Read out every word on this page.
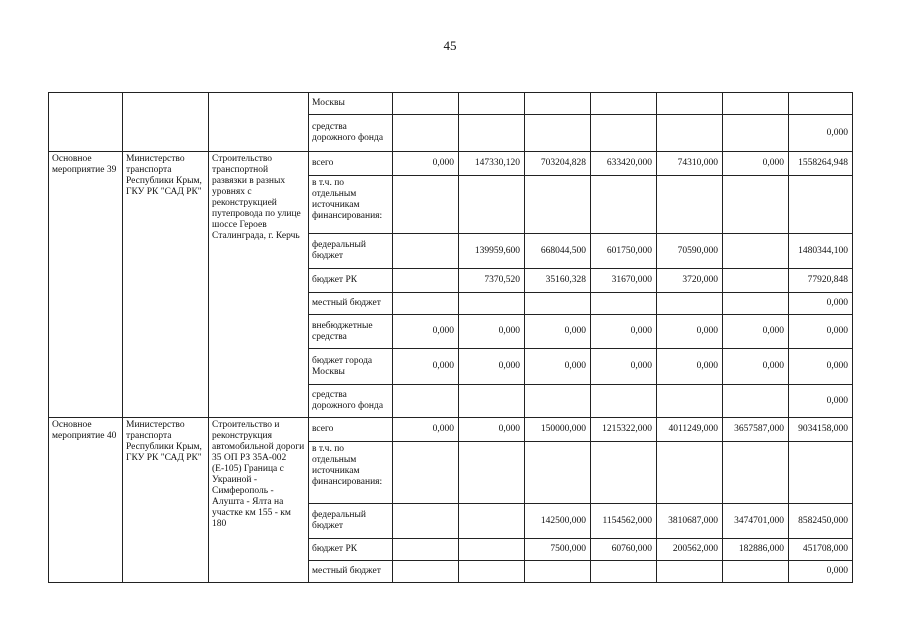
45
			Москвы							
			средства дорожного фонда							0,000
Основное мероприятие 39	Министерство транспорта Республики Крым, ГКУ РК "САД РК"	Строительство транспортной развязки в разных уровнях с реконструкцией путепровода по улице шоссе Героев Сталинграда, г. Керчь	всего	0,000	147330,120	703204,828	633420,000	74310,000	0,000	1558264,948
			в т.ч. по отдельным источникам финансирования:							
			федеральный бюджет		139959,600	668044,500	601750,000	70590,000		1480344,100
			бюджет РК		7370,520	35160,328	31670,000	3720,000		77920,848
			местный бюджет							0,000
			внебюджетные средства	0,000	0,000	0,000	0,000	0,000	0,000	0,000
			бюджет города Москвы	0,000	0,000	0,000	0,000	0,000	0,000	0,000
			средства дорожного фонда							0,000
Основное мероприятие 40	Министерство транспорта Республики Крым, ГКУ РК "САД РК"	Строительство и реконструкция автомобильной дороги 35 ОП РЗ 35А-002 (Е-105) Граница с Украиной - Симферополь - Алушта - Ялта на участке км 155 - км 180	всего	0,000	0,000	150000,000	1215322,000	4011249,000	3657587,000	9034158,000
			в т.ч. по отдельным источникам финансирования:							
			федеральный бюджет			142500,000	1154562,000	3810687,000	3474701,000	8582450,000
			бюджет РК			7500,000	60760,000	200562,000	182886,000	451708,000
			местный бюджет							0,000
